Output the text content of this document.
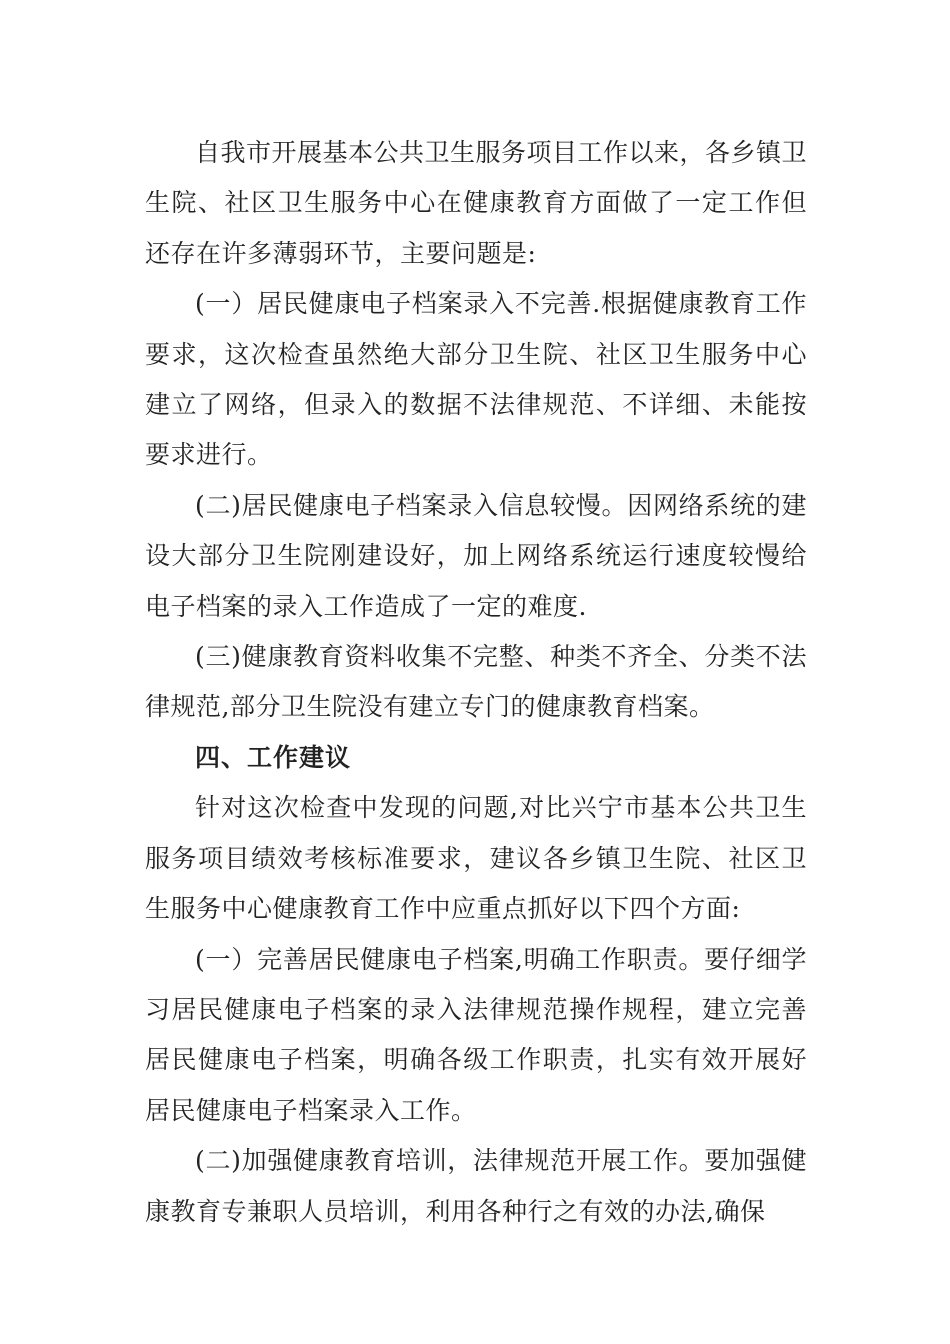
自我市开展基本公共卫生服务项目工作以来，各乡镇卫生院、社区卫生服务中心在健康教育方面做了一定工作但还存在许多薄弱环节，主要问题是:

(一）居民健康电子档案录入不完善.根据健康教育工作要求，这次检查虽然绝大部分卫生院、社区卫生服务中心建立了网络，但录入的数据不法律规范、不详细、未能按要求进行。

(二)居民健康电子档案录入信息较慢。因网络系统的建设大部分卫生院刚建设好，加上网络系统运行速度较慢给电子档案的录入工作造成了一定的难度.

(三)健康教育资料收集不完整、种类不齐全、分类不法律规范,部分卫生院没有建立专门的健康教育档案。

四、工作建议

针对这次检查中发现的问题,对比兴宁市基本公共卫生服务项目绩效考核标准要求，建议各乡镇卫生院、社区卫生服务中心健康教育工作中应重点抓好以下四个方面:

(一）完善居民健康电子档案,明确工作职责。要仔细学习居民健康电子档案的录入法律规范操作规程，建立完善居民健康电子档案，明确各级工作职责，扎实有效开展好居民健康电子档案录入工作。

(二)加强健康教育培训，法律规范开展工作。要加强健康教育专兼职人员培训，利用各种行之有效的办法,确保
